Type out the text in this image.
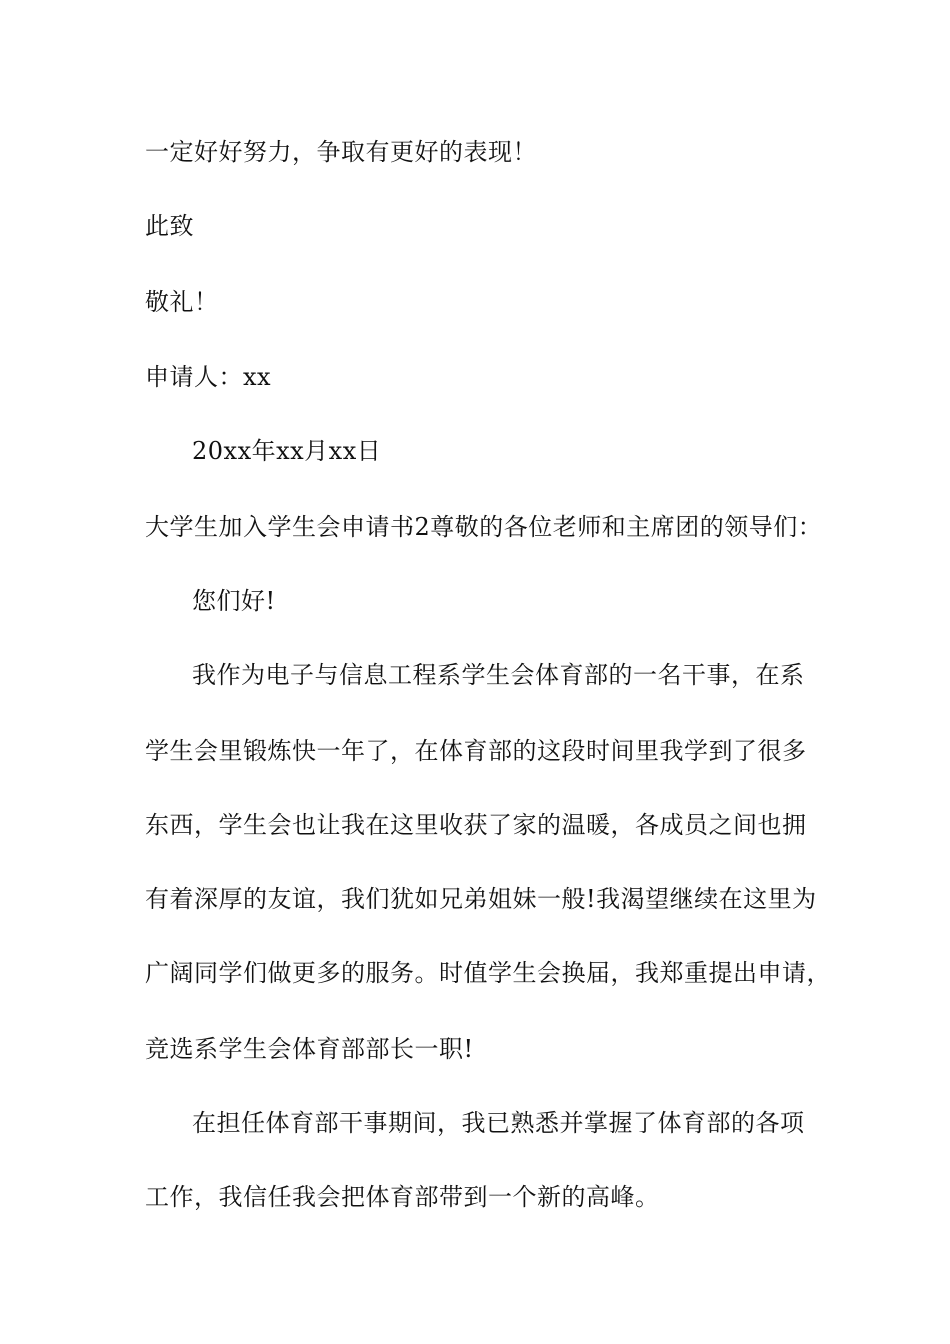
一定好好努力，争取有更好的表现！
此致
敬礼！
申请人：xx
20xx年xx月xx日
大学生加入学生会申请书2尊敬的各位老师和主席团的领导们：
您们好!
我作为电子与信息工程系学生会体育部的一名干事，在系
学生会里锻炼快一年了，在体育部的这段时间里我学到了很多
东西，学生会也让我在这里收获了家的温暖，各成员之间也拥
有着深厚的友谊，我们犹如兄弟姐妹一般!我渴望继续在这里为
广阔同学们做更多的服务。时值学生会换届，我郑重提出申请，
竞选系学生会体育部部长一职!
在担任体育部干事期间，我已熟悉并掌握了体育部的各项
工作，我信任我会把体育部带到一个新的高峰。
